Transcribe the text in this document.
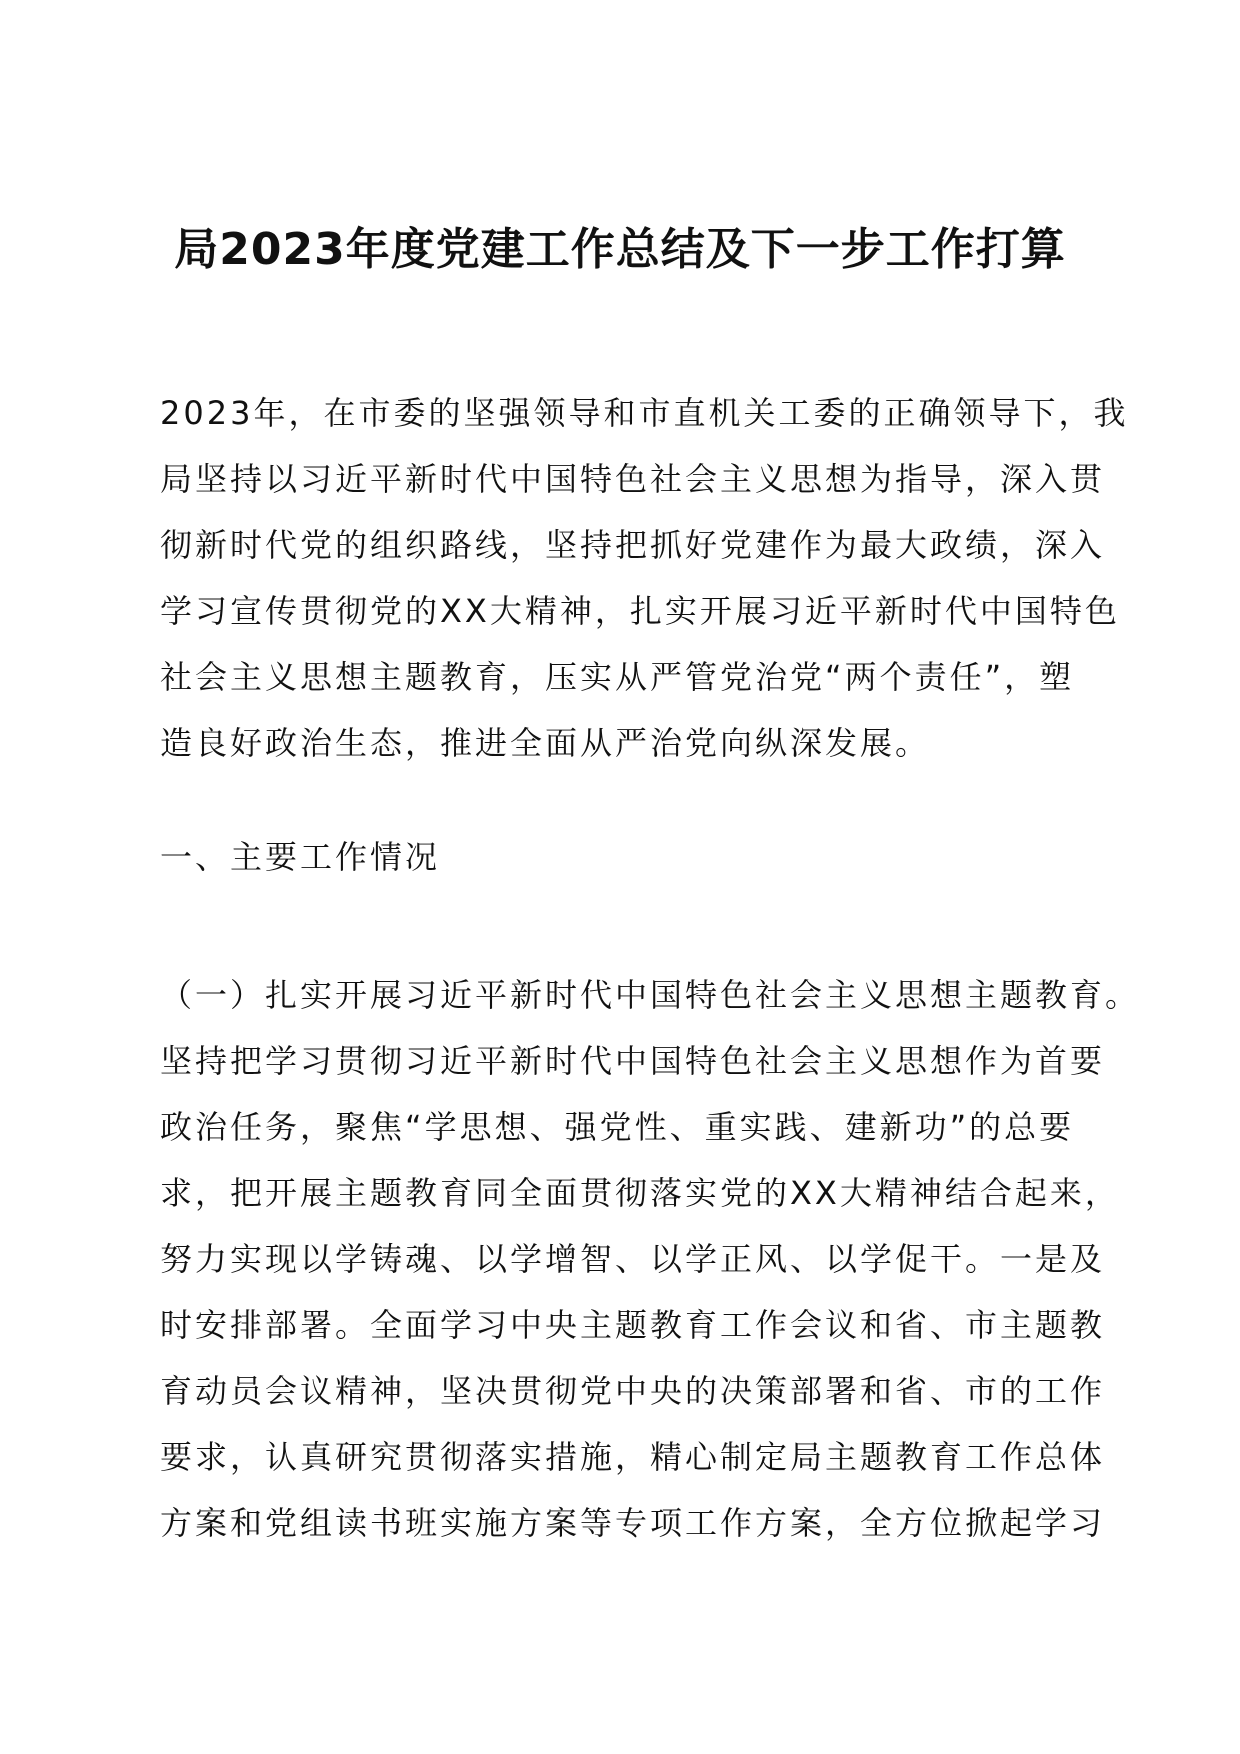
局2023年度党建工作总结及下一步工作打算
2023年，在市委的坚强领导和市直机关工委的正确领导下，我
局坚持以习近平新时代中国特色社会主义思想为指导，深入贯
彻新时代党的组织路线，坚持把抓好党建作为最大政绩，深入
学习宣传贯彻党的XX大精神，扎实开展习近平新时代中国特色
社会主义思想主题教育，压实从严管党治党“两个责任”，塑
造良好政治生态，推进全面从严治党向纵深发展。
一、主要工作情况
（一）扎实开展习近平新时代中国特色社会主义思想主题教育。
坚持把学习贯彻习近平新时代中国特色社会主义思想作为首要
政治任务，聚焦“学思想、强党性、重实践、建新功”的总要
求，把开展主题教育同全面贯彻落实党的XX大精神结合起来，
努力实现以学铸魂、以学增智、以学正风、以学促干。一是及
时安排部署。全面学习中央主题教育工作会议和省、市主题教
育动员会议精神，坚决贯彻党中央的决策部署和省、市的工作
要求，认真研究贯彻落实措施，精心制定局主题教育工作总体
方案和党组读书班实施方案等专项工作方案，全方位掀起学习
